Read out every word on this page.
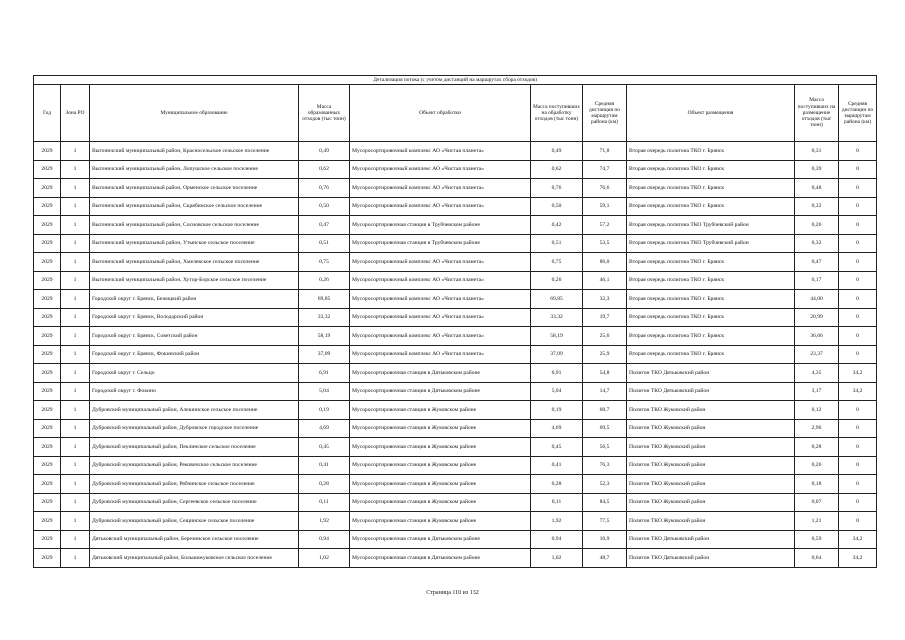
Детализация потока (с учетом дистанций на маршрутах сбора отходов)									
Год	Зона РО	Муниципальное образование	Масса образованных отходов (тыс тонн)	Объект обработки	Масса поступивших на обработку отходов (тыс тонн)	Средняя дистанция по маршрутам района (км)	Объект размещения	Масса поступивших на размещение отходов (тыс тонн)	Средняя дистанции по маршрутам района (км)
2029	1	Выгоничский муниципальный район, Красносельское сельское поселение	0,49	Мусоросортировочный комплекс АО «Чистая планета»	0,49	71,8	Вторая очередь полигона ТКО г. Брянск	0,31	0
2029	1	Выгоничский муниципальный район, Лопушское сельское поселение	0,62	Мусоросортировочный комплекс АО «Чистая планета»	0,62	74,7	Вторая очередь полигона ТКО г. Брянск	0,39	0
2029	1	Выгоничский муниципальный район, Орменское сельское поселение	0,76	Мусоросортировочный комплекс АО «Чистая планета»	0,76	76,6	Вторая очередь полигона ТКО г. Брянск	0,48	0
2029	1	Выгоничский муниципальный район, Скрябинское сельское поселение	0,50	Мусоросортировочный комплекс АО «Чистая планета»	0,50	59,1	Вторая очередь полигона ТКО г. Брянск	0,32	0
2029	1	Выгоничский муниципальный район, Сосновское сельское поселение	0,47	Мусоросортировочная станция в Трубчевском районе	0,42	57,2	Вторая очередь полигона ТКО Трубчевский район	0,26	0
2029	1	Выгоничский муниципальный район, Утынское сельское поселение	0,51	Мусоросортировочная станция в Трубчевском районе	0,51	53,5	Вторая очередь полигона ТКО Трубчевский район	0,32	0
2029	1	Выгоничский муниципальный район, Хмелевское сельское поселение	0,75	Мусоросортировочный комплекс АО «Чистая планета»	0,75	86,0	Вторая очередь полигона ТКО г. Брянск	0,47	0
2029	1	Выгоничский муниципальный район, Хутор-Борское сельское поселение	0,26	Мусоросортировочный комплекс АО «Чистая планета»	0,26	46,1	Вторая очередь полигона ТКО г. Брянск	0,17	0
2029	1	Городской округ г. Брянск, Бежицкий район	69,85	Мусоросортировочный комплекс АО «Чистая планета»	69,85	32,3	Вторая очередь полигона ТКО г. Брянск	44,00	0
2029	1	Городской округ г. Брянск, Володарский район	33,32	Мусоросортировочный комплекс АО «Чистая планета»	33,32	19,7	Вторая очередь полигона ТКО г. Брянск	20,99	0
2029	1	Городской округ г. Брянск, Советский район	58,19	Мусоросортировочный комплекс АО «Чистая планета»	58,19	25,6	Вторая очередь полигона ТКО г. Брянск	36,66	0
2029	1	Городской округ г. Брянск, Фокинский район	37,09	Мусоросортировочный комплекс АО «Чистая планета»	37,09	25,9	Вторая очередь полигона ТКО г. Брянск	23,37	0
2029	1	Городской округ г. Сельцо	6,91	Мусоросортировочная станция в Дятьковском районе	6,91	54,8	Полигон ТКО Дятьковский район	4,35	34,2
2029	1	Городской округ г. Фокино	5,04	Мусоросортировочная станция в Дятьковском районе	5,04	14,7	Полигон ТКО Дятьковский район	3,17	34,2
2029	1	Дубровский муниципальный район, Алешинское сельское поселение	0,19	Мусоросортировочная станция в Жуковском районе	0,19	68,7	Полигон ТКО Жуковский район	0,12	0
2029	1	Дубровский муниципальный район, Дубровское городское поселение	4,69	Мусоросортировочная станция в Жуковском районе	4,69	69,5	Полигон ТКО Жуковский район	2,96	0
2029	1	Дубровский муниципальный район, Пеклинское сельское поселение	0,45	Мусоросортировочная станция в Жуковском районе	0,45	56,5	Полигон ТКО Жуковский район	0,28	0
2029	1	Дубровский муниципальный район, Рековичское сельское поселение	0,41	Мусоросортировочная станция в Жуковском районе	0,41	76,3	Полигон ТКО Жуковский район	0,26	0
2029	1	Дубровский муниципальный район, Рябчинское сельское поселение	0,28	Мусоросортировочная станция в Жуковском районе	0,28	52,3	Полигон ТКО Жуковский район	0,18	0
2029	1	Дубровский муниципальный район, Сергеевское сельское поселение	0,11	Мусоросортировочная станция в Жуковском районе	0,11	84,5	Полигон ТКО Жуковский район	0,07	0
2029	1	Дубровский муниципальный район, Сещинское сельское поселение	1,92	Мусоросортировочная станция в Жуковском районе	1,92	77,5	Полигон ТКО Жуковский район	1,21	0
2029	1	Дятьковский муниципальный район, Березинское сельское поселение	0,94	Мусоросортировочная станция в Дятьковском районе	0,94	16,9	Полигон ТКО Дятьковский район	0,59	34,2
2029	1	Дятьковский муниципальный район, Большежуковское сельское поселение	1,02	Мусоросортировочная станция в Дятьковском районе	1,02	48,7	Полигон ТКО Дятьковский район	0,64	34,2
Страница 110 из 132
